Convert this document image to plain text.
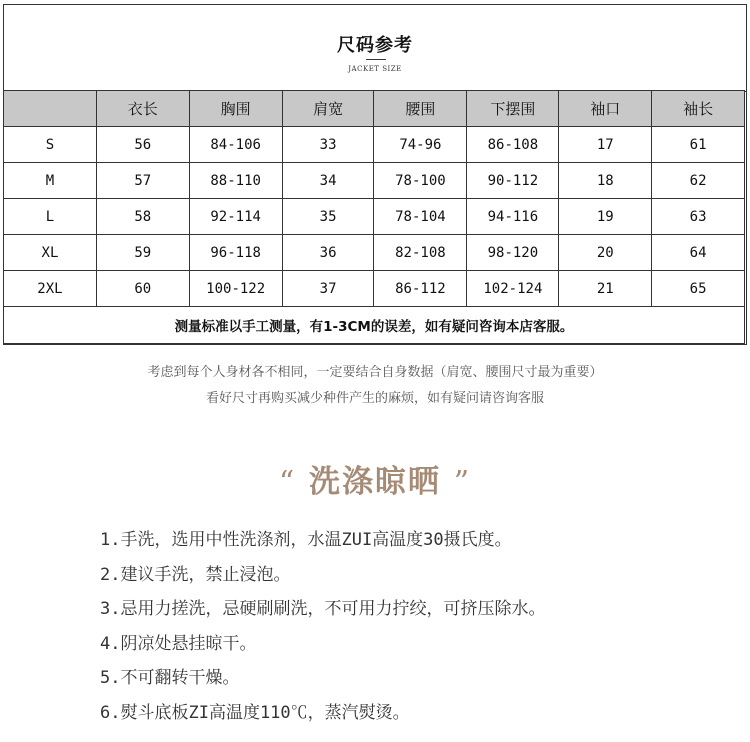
尺码参考
JACKET SIZE
	衣长	胸围	肩宽	腰围	下摆围	袖口	袖长
S	56	84-106	33	74-96	86-108	17	61
M	57	88-110	34	78-100	90-112	18	62
L	58	92-114	35	78-104	94-116	19	63
XL	59	96-118	36	82-108	98-120	20	64
2XL	60	100-122	37	86-112	102-124	21	65
测量标准以手工测量，有1-3CM的误差，如有疑问咨询本店客服。							
考虑到每个人身材各不相同，一定要结合自身数据（肩宽、腰围尺寸最为重要）
看好尺寸再购买减少种件产生的麻烦，如有疑问请咨询客服
“ 洗涤晾晒 ”
1.手洗，选用中性洗涤剂，水温ZUI高温度30摄氏度。
2.建议手洗，禁止浸泡。
3.忌用力搓洗，忌硬刷刷洗，不可用力拧绞，可挤压除水。
4.阴凉处悬挂晾干。
5.不可翻转干燥。
6.熨斗底板ZI高温度110℃，蒸汽熨烫。
